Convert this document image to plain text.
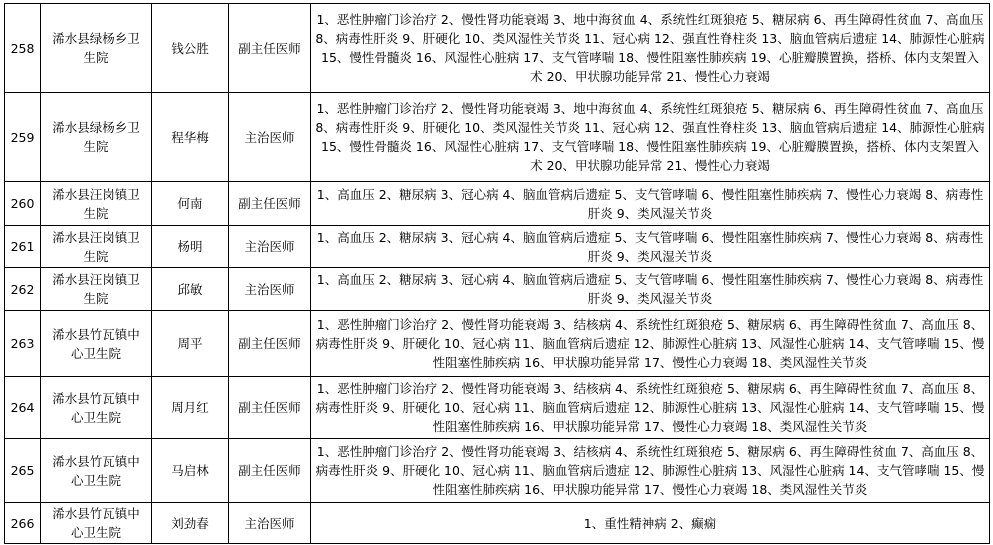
258	浠水县绿杨乡卫生院	钱公胜	副主任医师	1、恶性肿瘤门诊治疗 2、慢性肾功能衰竭 3、地中海贫血 4、系统性红斑狼疮 5、糖尿病 6、再生障碍性贫血 7、高血压 8、病毒性肝炎 9、肝硬化 10、类风湿性关节炎 11、冠心病 12、强直性脊柱炎 13、脑血管病后遗症 14、肺源性心脏病 15、慢性骨髓炎 16、风湿性心脏病 17、支气管哮喘 18、慢性阻塞性肺疾病 19、心脏瓣膜置换，搭桥、体内支架置入术 20、甲状腺功能异常 21、慢性心力衰竭
259	浠水县绿杨乡卫生院	程华梅	主治医师	1、恶性肿瘤门诊治疗 2、慢性肾功能衰竭 3、地中海贫血 4、系统性红斑狼疮 5、糖尿病 6、再生障碍性贫血 7、高血压 8、病毒性肝炎 9、肝硬化 10、类风湿性关节炎 11、冠心病 12、强直性脊柱炎 13、脑血管病后遗症 14、肺源性心脏病 15、慢性骨髓炎 16、风湿性心脏病 17、支气管哮喘 18、慢性阻塞性肺疾病 19、心脏瓣膜置换，搭桥、体内支架置入术 20、甲状腺功能异常 21、慢性心力衰竭
260	浠水县汪岗镇卫生院	何南	副主任医师	1、高血压 2、糖尿病 3、冠心病 4、脑血管病后遗症 5、支气管哮喘 6、慢性阻塞性肺疾病 7、慢性心力衰竭 8、病毒性肝炎 9、类风湿关节炎
261	浠水县汪岗镇卫生院	杨明	主治医师	1、高血压 2、糖尿病 3、冠心病 4、脑血管病后遗症 5、支气管哮喘 6、慢性阻塞性肺疾病 7、慢性心力衰竭 8、病毒性肝炎 9、类风湿关节炎
262	浠水县汪岗镇卫生院	邱敏	主治医师	1、高血压 2、糖尿病 3、冠心病 4、脑血管病后遗症 5、支气管哮喘 6、慢性阻塞性肺疾病 7、慢性心力衰竭 8、病毒性肝炎 9、类风湿关节炎
263	浠水县竹瓦镇中心卫生院	周平	副主任医师	1、恶性肿瘤门诊治疗 2、慢性肾功能衰竭 3、结核病 4、系统性红斑狼疮 5、糖尿病 6、再生障碍性贫血 7、高血压 8、病毒性肝炎 9、肝硬化 10、冠心病 11、脑血管病后遗症 12、肺源性心脏病 13、风湿性心脏病 14、支气管哮喘 15、慢性阻塞性肺疾病 16、甲状腺功能异常 17、慢性心力衰竭 18、类风湿性关节炎
264	浠水县竹瓦镇中心卫生院	周月红	副主任医师	1、恶性肿瘤门诊治疗 2、慢性肾功能衰竭 3、结核病 4、系统性红斑狼疮 5、糖尿病 6、再生障碍性贫血 7、高血压 8、病毒性肝炎 9、肝硬化 10、冠心病 11、脑血管病后遗症 12、肺源性心脏病 13、风湿性心脏病 14、支气管哮喘 15、慢性阻塞性肺疾病 16、甲状腺功能异常 17、慢性心力衰竭 18、类风湿性关节炎
265	浠水县竹瓦镇中心卫生院	马启林	副主任医师	1、恶性肿瘤门诊治疗 2、慢性肾功能衰竭 3、结核病 4、系统性红斑狼疮 5、糖尿病 6、再生障碍性贫血 7、高血压 8、病毒性肝炎 9、肝硬化 10、冠心病 11、脑血管病后遗症 12、肺源性心脏病 13、风湿性心脏病 14、支气管哮喘 15、慢性阻塞性肺疾病 16、甲状腺功能异常 17、慢性心力衰竭 18、类风湿性关节炎
266	浠水县竹瓦镇中心卫生院	刘劲春	主治医师	1、重性精神病 2、癫痫
